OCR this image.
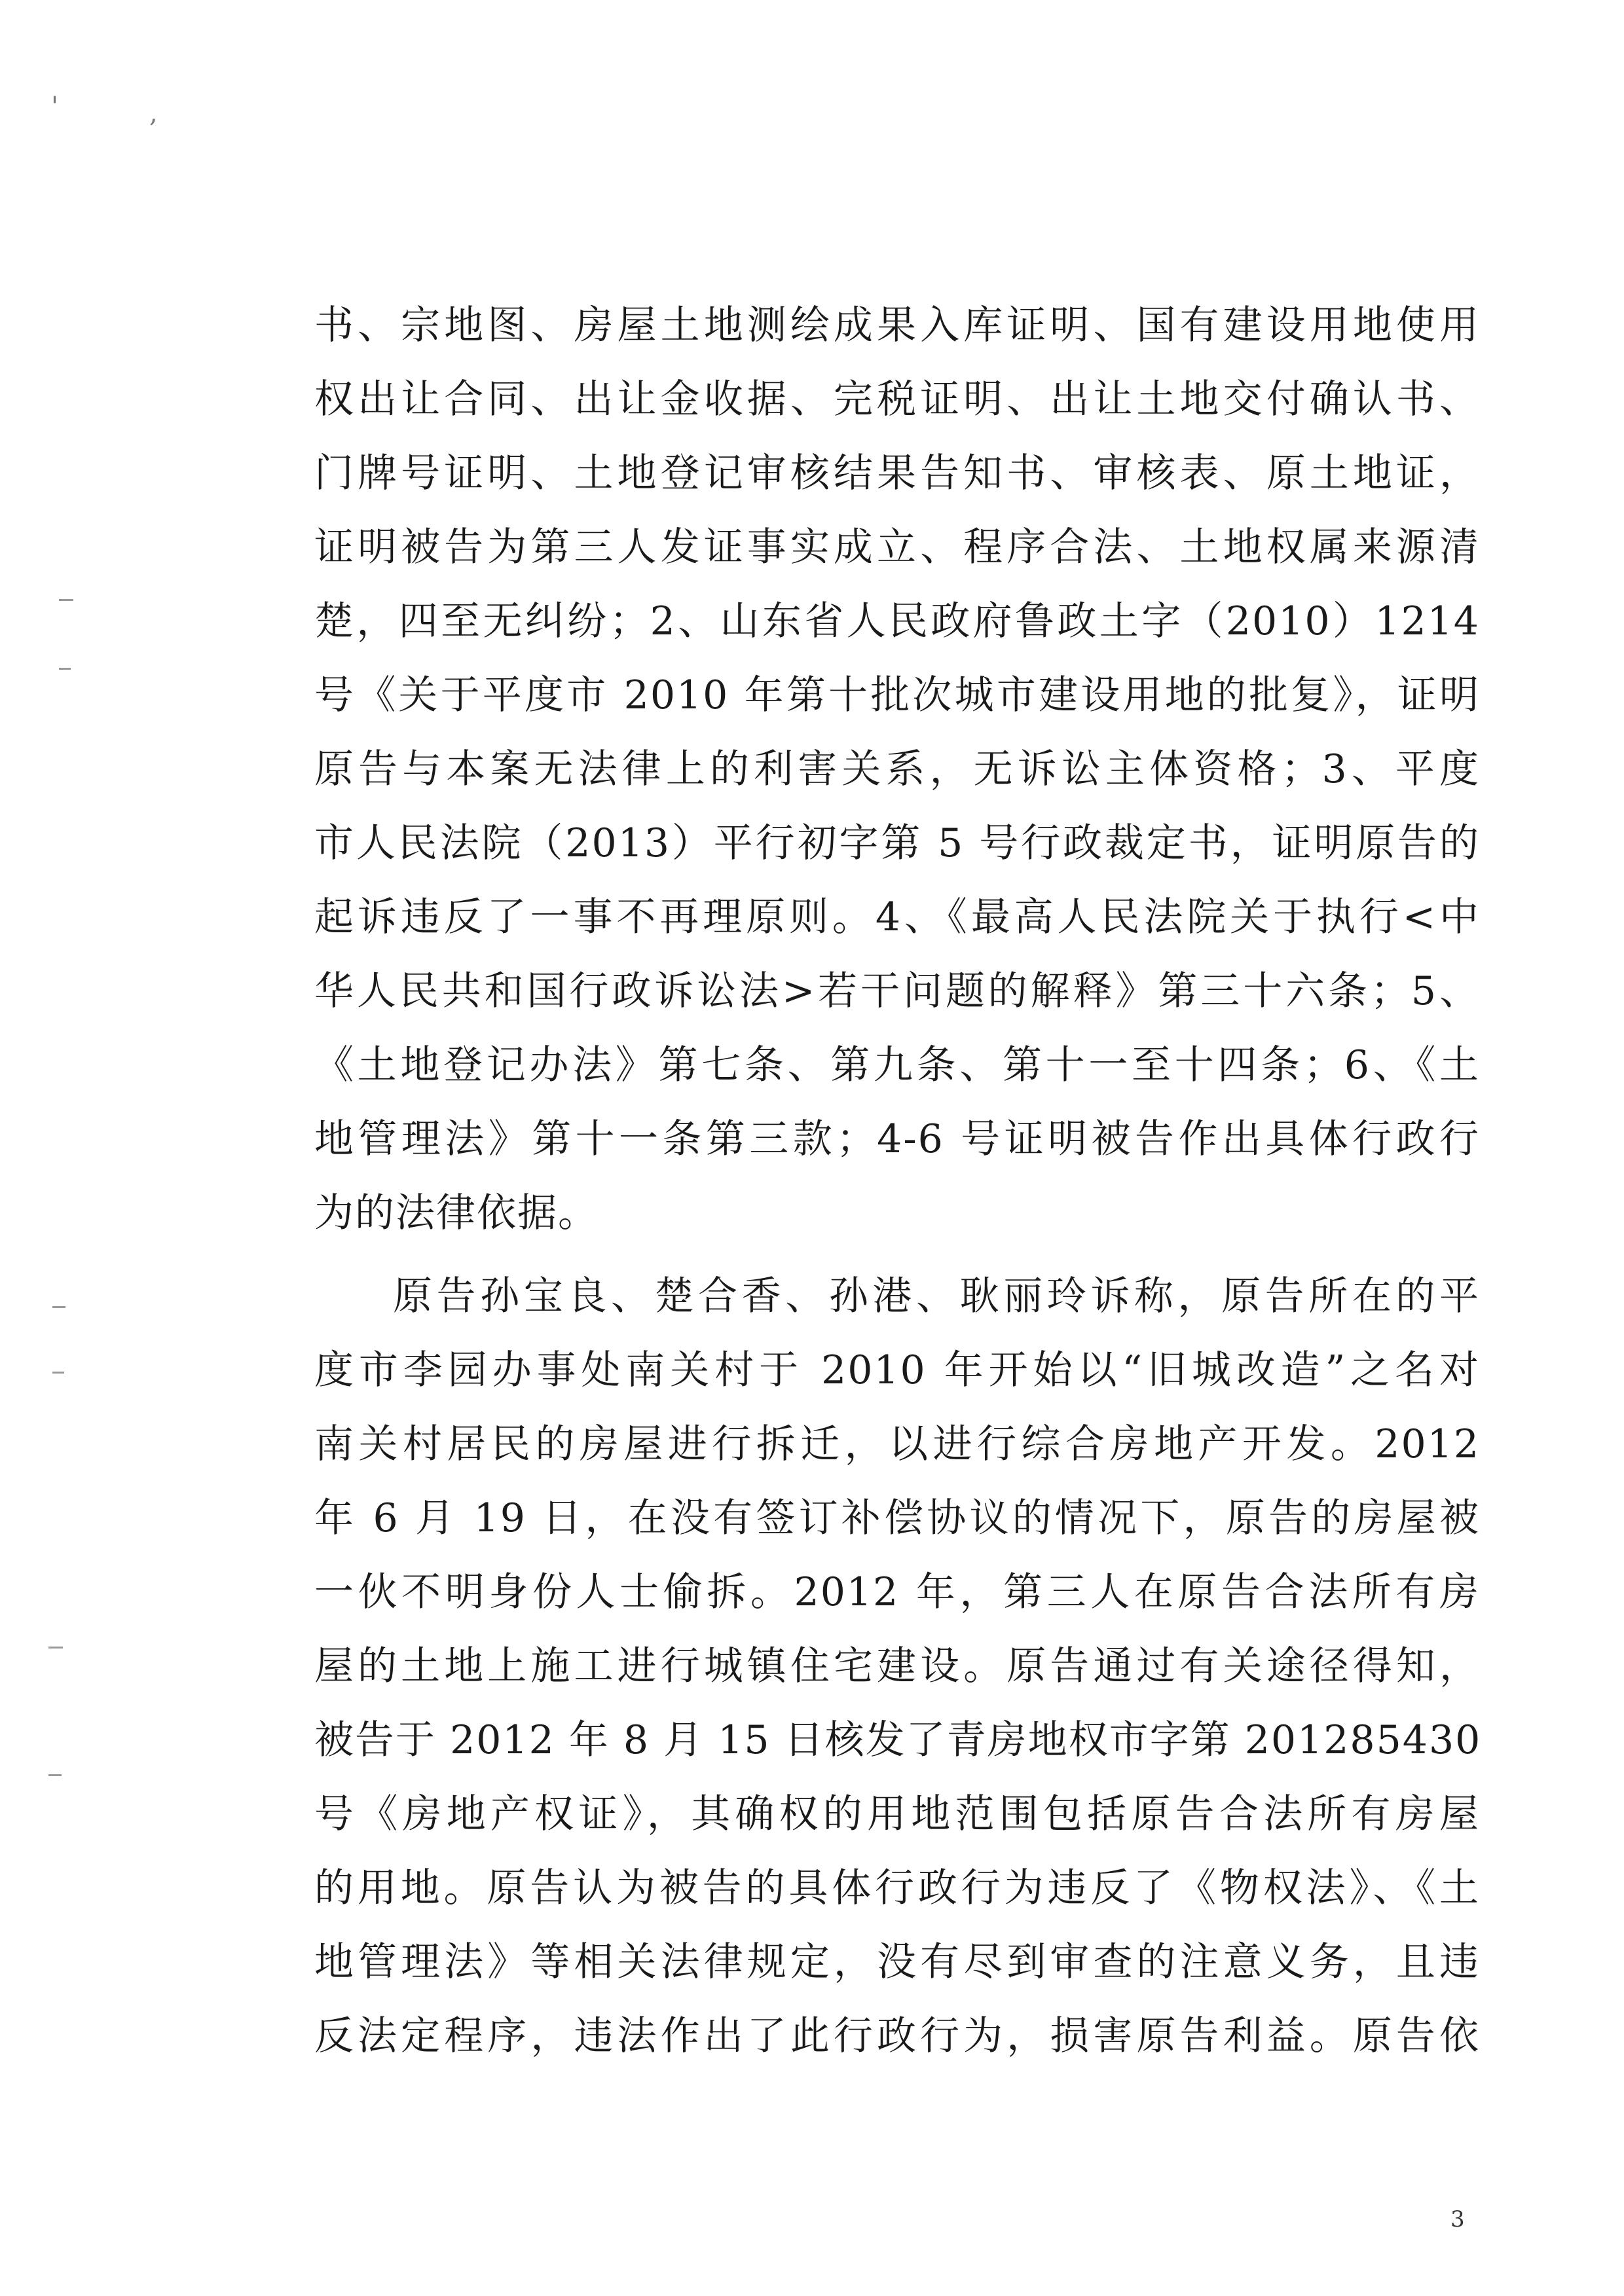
'	,
书、宗地图、房屋土地测绘成果入库证明、国有建设用地使用
权出让合同、出让金收据、完税证明、出让土地交付确认书、
门牌号证明、土地登记审核结果告知书、审核表、原土地证，
证明被告为第三人发证事实成立、程序合法、土地权属来源清
楚，四至无纠纷；2、山东省人民政府鲁政土字（2010）1214
号《关于平度市 2010 年第十批次城市建设用地的批复》，证明
原告与本案无法律上的利害关系，无诉讼主体资格；3、平度
市人民法院（2013）平行初字第 5 号行政裁定书，证明原告的
起诉违反了一事不再理原则。4、《最高人民法院关于执行<中
华人民共和国行政诉讼法>若干问题的解释》第三十六条；5、
《土地登记办法》第七条、第九条、第十一至十四条；6、《土
地管理法》第十一条第三款；4-6 号证明被告作出具体行政行
为的法律依据。
原告孙宝良、楚合香、孙港、耿丽玲诉称，原告所在的平
度市李园办事处南关村于 2010 年开始以“旧城改造”之名对
南关村居民的房屋进行拆迁，以进行综合房地产开发。2012
年 6 月 19 日，在没有签订补偿协议的情况下，原告的房屋被
一伙不明身份人士偷拆。2012 年，第三人在原告合法所有房
屋的土地上施工进行城镇住宅建设。原告通过有关途径得知，
被告于 2012 年 8 月 15 日核发了青房地权市字第 201285430
号《房地产权证》，其确权的用地范围包括原告合法所有房屋
的用地。原告认为被告的具体行政行为违反了《物权法》、《土
地管理法》等相关法律规定，没有尽到审查的注意义务，且违
反法定程序，违法作出了此行政行为，损害原告利益。原告依
3
